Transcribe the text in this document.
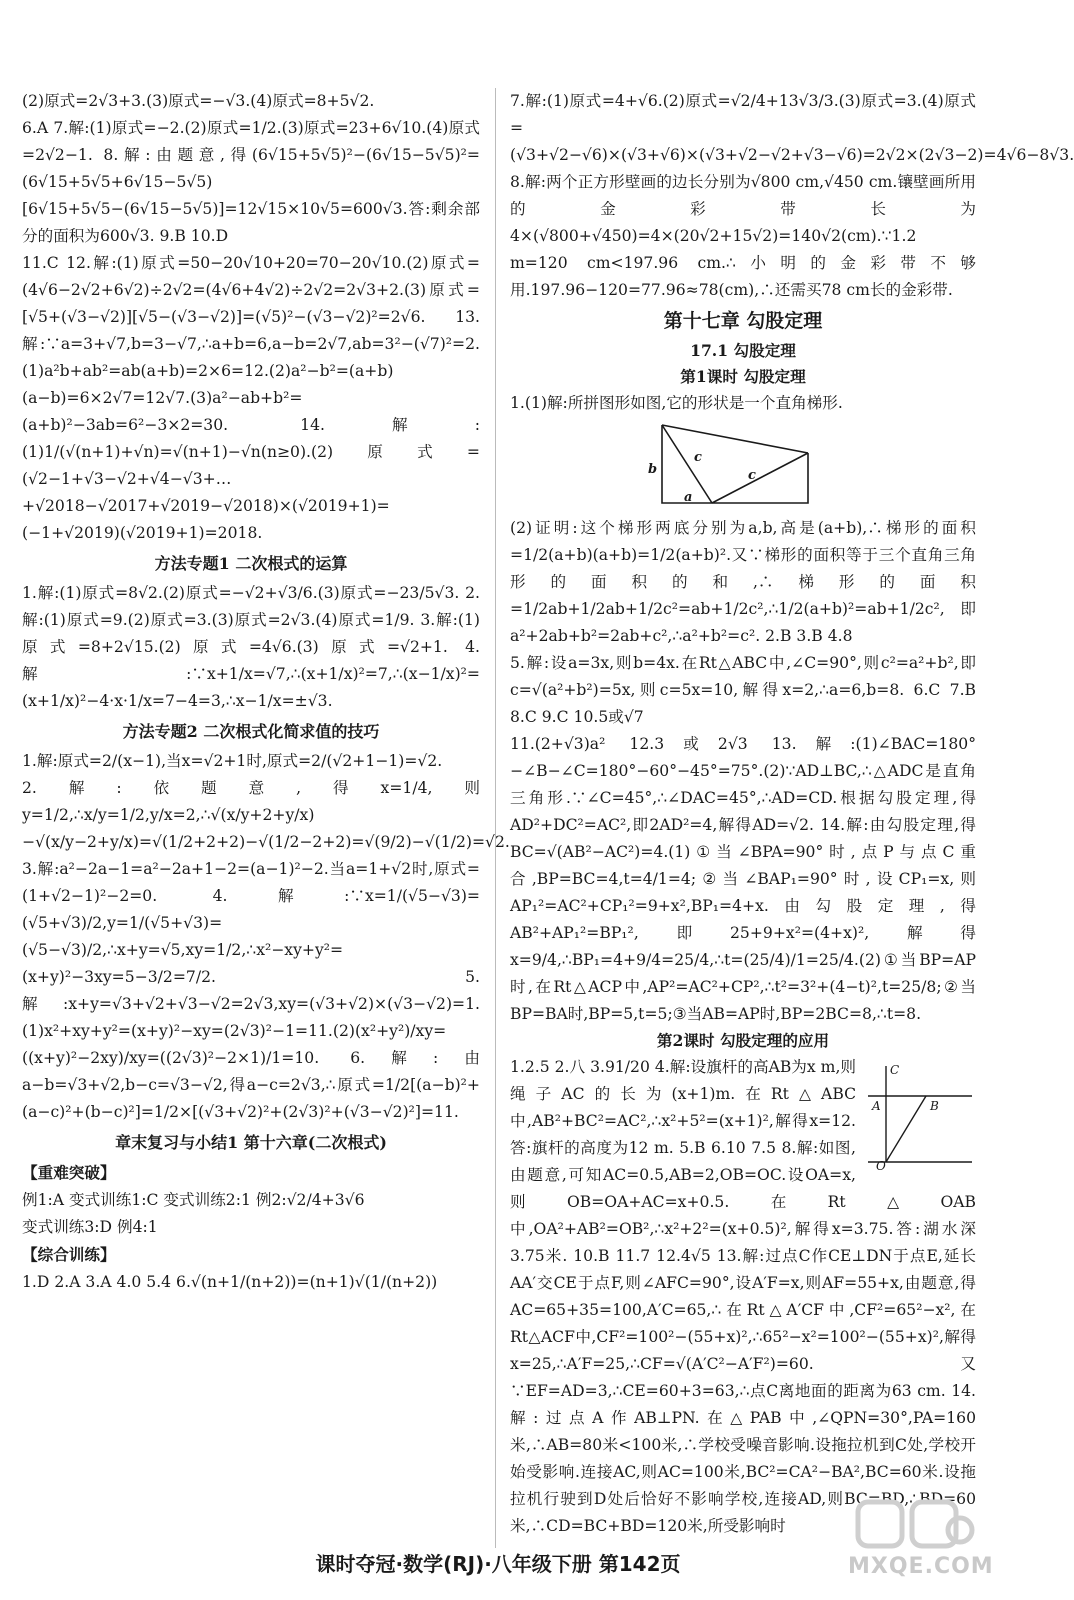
(2)原式=2√3+3.(3)原式=−√3.(4)原式=8+5√2.

6.A 7.解:(1)原式=−2.(2)原式=1/2.(3)原式=23+6√10.(4)原式=2√2−1. 8.解:由题意,得(6√15+5√5)²−(6√15−5√5)²=(6√15+5√5+6√15−5√5)[6√15+5√5−(6√15−5√5)]=12√15×10√5=600√3.答:剩余部分的面积为600√3. 9.B 10.D

11.C 12.解:(1)原式=50−20√10+20=70−20√10.(2)原式=(4√6−2√2+6√2)÷2√2=(4√6+4√2)÷2√2=2√3+2.(3)原式=[√5+(√3−√2)][√5−(√3−√2)]=(√5)²−(√3−√2)²=2√6. 13.解:∵a=3+√7,b=3−√7,∴a+b=6,a−b=2√7,ab=3²−(√7)²=2.(1)a²b+ab²=ab(a+b)=2×6=12.(2)a²−b²=(a+b)(a−b)=6×2√7=12√7.(3)a²−ab+b²=(a+b)²−3ab=6²−3×2=30. 14.解:(1)1/(√(n+1)+√n)=√(n+1)−√n(n≥0).(2)原式=(√2−1+√3−√2+√4−√3+…+√2018−√2017+√2019−√2018)×(√2019+1)=(−1+√2019)(√2019+1)=2018.

方法专题1 二次根式的运算

1.解:(1)原式=8√2.(2)原式=−√2+√3/6.(3)原式=−23/5√3. 2.解:(1)原式=9.(2)原式=3.(3)原式=2√3.(4)原式=1/9. 3.解:(1)原式=8+2√15.(2)原式=4√6.(3)原式=√2+1. 4.解:∵x+1/x=√7,∴(x+1/x)²=7,∴(x−1/x)²=(x+1/x)²−4·x·1/x=7−4=3,∴x−1/x=±√3.

方法专题2 二次根式化简求值的技巧

1.解:原式=2/(x−1),当x=√2+1时,原式=2/(√2+1−1)=√2.

2.解:依题意,得x=1/4,则y=1/2,∴x/y=1/2,y/x=2,∴√(x/y+2+y/x)−√(x/y−2+y/x)=√(1/2+2+2)−√(1/2−2+2)=√(9/2)−√(1/2)=√2. 3.解:a²−2a−1=a²−2a+1−2=(a−1)²−2.当a=1+√2时,原式=(1+√2−1)²−2=0. 4.解:∵x=1/(√5−√3)=(√5+√3)/2,y=1/(√5+√3)=(√5−√3)/2,∴x+y=√5,xy=1/2,∴x²−xy+y²=(x+y)²−3xy=5−3/2=7/2. 5.解:x+y=√3+√2+√3−√2=2√3,xy=(√3+√2)×(√3−√2)=1.(1)x²+xy+y²=(x+y)²−xy=(2√3)²−1=11.(2)(x²+y²)/xy=((x+y)²−2xy)/xy=((2√3)²−2×1)/1=10. 6.解:由a−b=√3+√2,b−c=√3−√2,得a−c=2√3,∴原式=1/2[(a−b)²+(a−c)²+(b−c)²]=1/2×[(√3+√2)²+(2√3)²+(√3−√2)²]=11.

章末复习与小结1 第十六章(二次根式)
【重难突破】

例1:A 变式训练1:C 变式训练2:1 例2:√2/4+3√6

变式训练3:D 例4:1

【综合训练】

1.D 2.A 3.A 4.0 5.4 6.√(n+1/(n+2))=(n+1)√(1/(n+2))

7.解:(1)原式=4+√6.(2)原式=√2/4+13√3/3.(3)原式=3.(4)原式=(√3+√2−√6)×(√3+√6)×(√3+√2−√2+√3−√6)=2√2×(2√3−2)=4√6−8√3.

8.解:两个正方形壁画的边长分别为√800 cm,√450 cm.镶壁画所用的金彩带长为4×(√800+√450)=4×(20√2+15√2)=140√2(cm).∵1.2 m=120 cm<197.96 cm.∴小明的金彩带不够用.197.96−120=77.96≈78(cm),∴还需买78 cm长的金彩带.

第十七章 勾股定理
17.1 勾股定理
第1课时 勾股定理

1.(1)解:所拼图形如图,它的形状是一个直角梯形.

c
c
b
a

(2)证明:这个梯形两底分别为a,b,高是(a+b),∴梯形的面积=1/2(a+b)(a+b)=1/2(a+b)².又∵梯形的面积等于三个直角三角形的面积的和,∴梯形的面积=1/2ab+1/2ab+1/2c²=ab+1/2c²,∴1/2(a+b)²=ab+1/2c²,即a²+2ab+b²=2ab+c²,∴a²+b²=c². 2.B 3.B 4.8

5.解:设a=3x,则b=4x.在Rt△ABC中,∠C=90°,则c²=a²+b²,即c=√(a²+b²)=5x,则c=5x=10,解得x=2,∴a=6,b=8. 6.C 7.B 8.C 9.C 10.5或√7

11.(2+√3)a² 12.3或2√3 13.解:(1)∠BAC=180°−∠B−∠C=180°−60°−45°=75°.(2)∵AD⊥BC,∴△ADC是直角三角形.∵∠C=45°,∴∠DAC=45°,∴AD=CD.根据勾股定理,得AD²+DC²=AC²,即2AD²=4,解得AD=√2. 14.解:由勾股定理,得BC=√(AB²−AC²)=4.(1)①当∠BPA=90°时,点P与点C重合,BP=BC=4,t=4/1=4;②当∠BAP₁=90°时,设CP₁=x,则AP₁²=AC²+CP₁²=9+x²,BP₁=4+x.由勾股定理,得AB²+AP₁²=BP₁²,即25+9+x²=(4+x)²,解得x=9/4,∴BP₁=4+9/4=25/4,∴t=(25/4)/1=25/4.(2)①当BP=AP时,在Rt△ACP中,AP²=AC²+CP²,∴t²=3²+(4−t)²,t=25/8;②当BP=BA时,BP=5,t=5;③当AB=AP时,BP=2BC=8,∴t=8.

第2课时 勾股定理的应用
C
A	B
O

1.2.5 2.八 3.91/20 4.解:设旗杆的高AB为x m,则绳子AC的长为(x+1)m.在Rt△ABC中,AB²+BC²=AC²,∴x²+5²=(x+1)²,解得x=12.答:旗杆的高度为12 m. 5.B 6.10 7.5 8.解:如图,由题意,可知AC=0.5,AB=2,OB=OC.设OA=x,则OB=OA+AC=x+0.5.在Rt△OAB中,OA²+AB²=OB²,∴x²+2²=(x+0.5)²,解得x=3.75.答:湖水深3.75米. 10.B 11.7 12.4√5 13.解:过点C作CE⊥DN于点E,延长AA′交CE于点F,则∠AFC=90°,设A′F=x,则AF=55+x,由题意,得AC=65+35=100,A′C=65,∴在Rt△A′CF中,CF²=65²−x²,在Rt△ACF中,CF²=100²−(55+x)²,∴65²−x²=100²−(55+x)²,解得x=25,∴A′F=25,∴CF=√(A′C²−A′F²)=60.又∵EF=AD=3,∴CE=60+3=63,∴点C离地面的距离为63 cm. 14.解:过点A作AB⊥PN.在△PAB中,∠QPN=30°,PA=160米,∴AB=80米<100米,∴学校受噪音影响.设拖拉机到C处,学校开始受影响.连接AC,则AC=100米,BC²=CA²−BA²,BC=60米.设拖拉机行驶到D处后恰好不影响学校,连接AD,则BC=BD,∴BD=60米,∴CD=BC+BD=120米,所受影响时

课时夺冠·数学(RJ)·八年级下册 第142页	MXQE.COM
